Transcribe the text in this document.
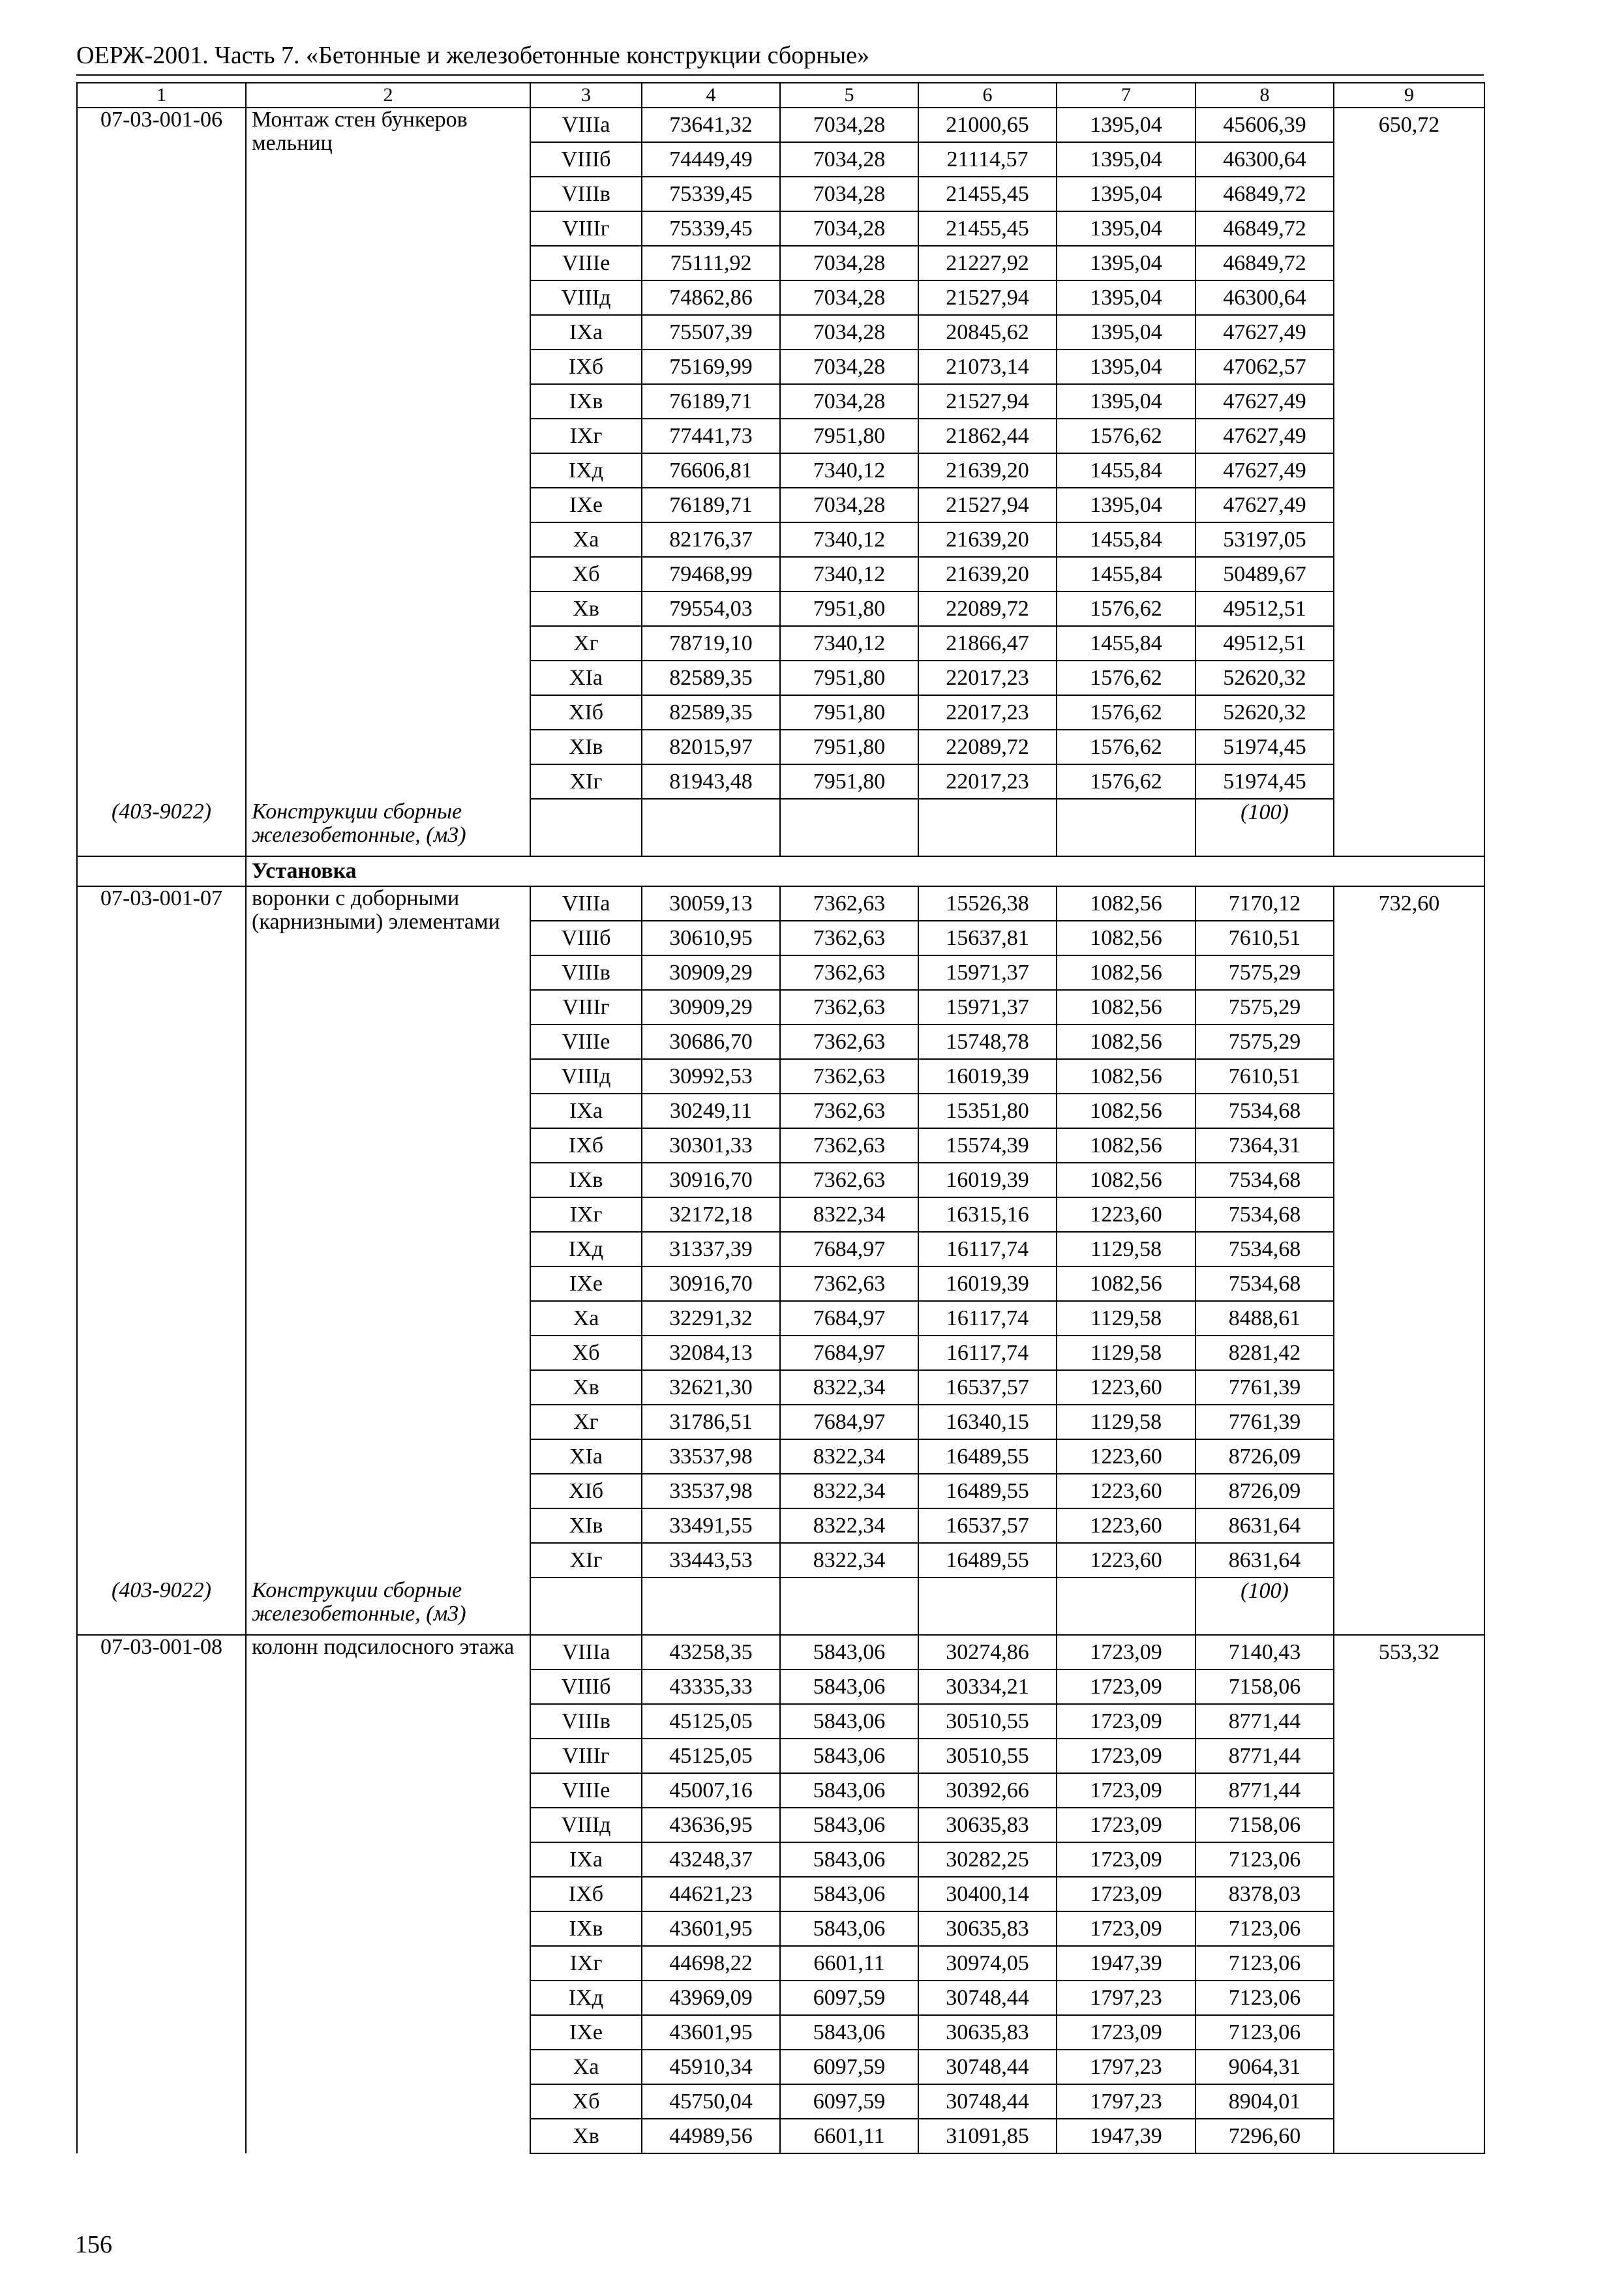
ОЕРЖ-2001. Часть 7. «Бетонные и железобетонные конструкции сборные»
1	2	3	4	5	6	7	8	9
07-03-001-06	Монтаж стен бункеров мельниц	VIIIа	73641,32	7034,28	21000,65	1395,04	45606,39	650,72
		VIIIб	74449,49	7034,28	21114,57	1395,04	46300,64	
		VIIIв	75339,45	7034,28	21455,45	1395,04	46849,72	
		VIIIг	75339,45	7034,28	21455,45	1395,04	46849,72	
		VIIIе	75111,92	7034,28	21227,92	1395,04	46849,72	
		VIIIд	74862,86	7034,28	21527,94	1395,04	46300,64	
		IXа	75507,39	7034,28	20845,62	1395,04	47627,49	
		IXб	75169,99	7034,28	21073,14	1395,04	47062,57	
		IXв	76189,71	7034,28	21527,94	1395,04	47627,49	
		IXг	77441,73	7951,80	21862,44	1576,62	47627,49	
		IXд	76606,81	7340,12	21639,20	1455,84	47627,49	
		IXе	76189,71	7034,28	21527,94	1395,04	47627,49	
		Xа	82176,37	7340,12	21639,20	1455,84	53197,05	
		Xб	79468,99	7340,12	21639,20	1455,84	50489,67	
		Xв	79554,03	7951,80	22089,72	1576,62	49512,51	
		Xг	78719,10	7340,12	21866,47	1455,84	49512,51	
		XIа	82589,35	7951,80	22017,23	1576,62	52620,32	
		XIб	82589,35	7951,80	22017,23	1576,62	52620,32	
		XIв	82015,97	7951,80	22089,72	1576,62	51974,45	
		XIг	81943,48	7951,80	22017,23	1576,62	51974,45	
(403-9022)	Конструкции сборные железобетонные, (м3)						(100)	
	Установка							
07-03-001-07	воронки с доборными (карнизными) элементами	VIIIа	30059,13	7362,63	15526,38	1082,56	7170,12	732,60
		VIIIб	30610,95	7362,63	15637,81	1082,56	7610,51	
		VIIIв	30909,29	7362,63	15971,37	1082,56	7575,29	
		VIIIг	30909,29	7362,63	15971,37	1082,56	7575,29	
		VIIIе	30686,70	7362,63	15748,78	1082,56	7575,29	
		VIIIд	30992,53	7362,63	16019,39	1082,56	7610,51	
		IXа	30249,11	7362,63	15351,80	1082,56	7534,68	
		IXб	30301,33	7362,63	15574,39	1082,56	7364,31	
		IXв	30916,70	7362,63	16019,39	1082,56	7534,68	
		IXг	32172,18	8322,34	16315,16	1223,60	7534,68	
		IXд	31337,39	7684,97	16117,74	1129,58	7534,68	
		IXе	30916,70	7362,63	16019,39	1082,56	7534,68	
		Xа	32291,32	7684,97	16117,74	1129,58	8488,61	
		Xб	32084,13	7684,97	16117,74	1129,58	8281,42	
		Xв	32621,30	8322,34	16537,57	1223,60	7761,39	
		Xг	31786,51	7684,97	16340,15	1129,58	7761,39	
		XIа	33537,98	8322,34	16489,55	1223,60	8726,09	
		XIб	33537,98	8322,34	16489,55	1223,60	8726,09	
		XIв	33491,55	8322,34	16537,57	1223,60	8631,64	
		XIг	33443,53	8322,34	16489,55	1223,60	8631,64	
(403-9022)	Конструкции сборные железобетонные, (м3)						(100)	
07-03-001-08	колонн подсилосного этажа	VIIIа	43258,35	5843,06	30274,86	1723,09	7140,43	553,32
		VIIIб	43335,33	5843,06	30334,21	1723,09	7158,06	
		VIIIв	45125,05	5843,06	30510,55	1723,09	8771,44	
		VIIIг	45125,05	5843,06	30510,55	1723,09	8771,44	
		VIIIе	45007,16	5843,06	30392,66	1723,09	8771,44	
		VIIIд	43636,95	5843,06	30635,83	1723,09	7158,06	
		IXа	43248,37	5843,06	30282,25	1723,09	7123,06	
		IXб	44621,23	5843,06	30400,14	1723,09	8378,03	
		IXв	43601,95	5843,06	30635,83	1723,09	7123,06	
		IXг	44698,22	6601,11	30974,05	1947,39	7123,06	
		IXд	43969,09	6097,59	30748,44	1797,23	7123,06	
		IXе	43601,95	5843,06	30635,83	1723,09	7123,06	
		Xа	45910,34	6097,59	30748,44	1797,23	9064,31	
		Xб	45750,04	6097,59	30748,44	1797,23	8904,01	
		Xв	44989,56	6601,11	31091,85	1947,39	7296,60	
156
